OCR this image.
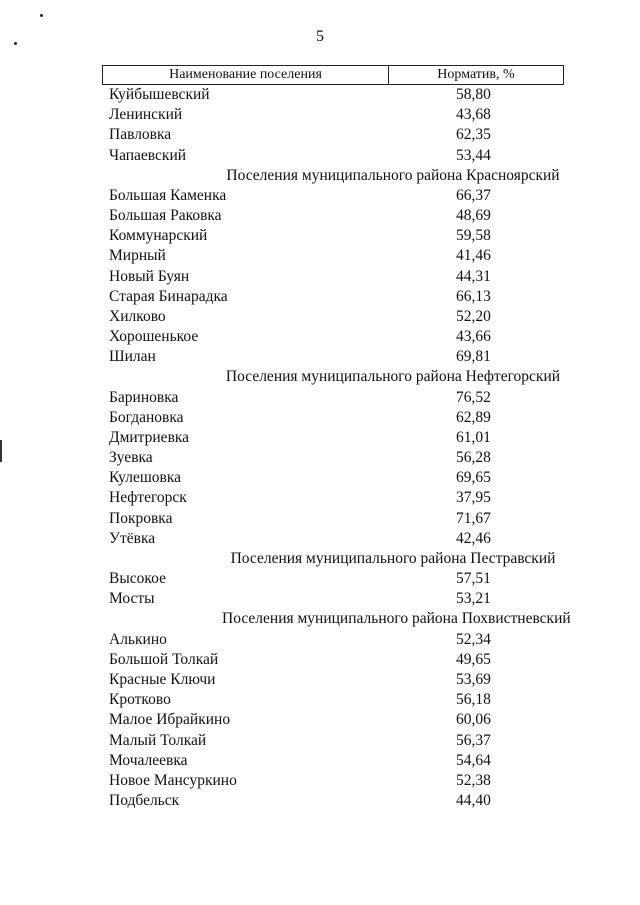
5
Наименование поселения	Норматив, %
Куйбышевский	58,80
Ленинский	43,68
Павловка	62,35
Чапаевский	53,44
Поселения муниципального района Красноярский
Большая Каменка	66,37
Большая Раковка	48,69
Коммунарский	59,58
Мирный	41,46
Новый Буян	44,31
Старая Бинарадка	66,13
Хилково	52,20
Хорошенькое	43,66
Шилан	69,81
Поселения муниципального района Нефтегорский
Бариновка	76,52
Богдановка	62,89
Дмитриевка	61,01
Зуевка	56,28
Кулешовка	69,65
Нефтегорск	37,95
Покровка	71,67
Утёвка	42,46
Поселения муниципального района Пестравский
Высокое	57,51
Мосты	53,21
Поселения муниципального района Похвистневский
Алькино	52,34
Большой Толкай	49,65
Красные Ключи	53,69
Кротково	56,18
Малое Ибрайкино	60,06
Малый Толкай	56,37
Мочалеевка	54,64
Новое Мансуркино	52,38
Подбельск	44,40
